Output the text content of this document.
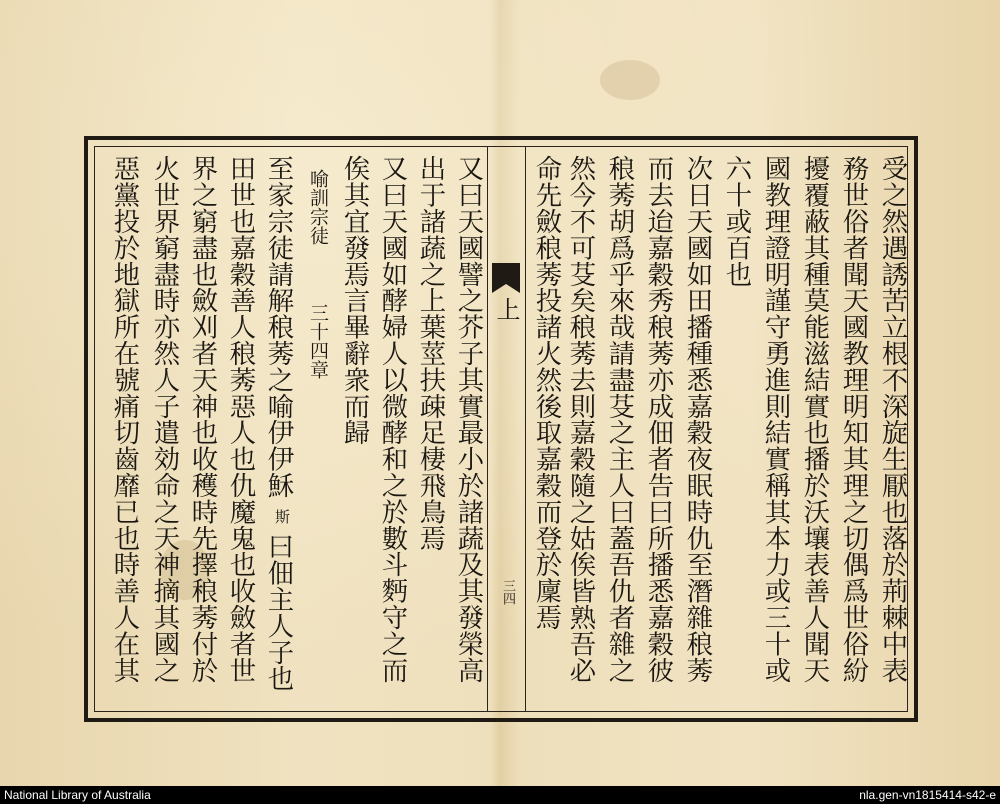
上
三四	受之然遇誘苦立根不深旋生厭也落於荊棘中表
務世俗者聞天國教理明知其理之切偶爲世俗紛
擾覆蔽其種莫能滋結實也播於沃壤表善人聞天
國教理證明謹守勇進則結實稱其本力或三十或
六十或百也
次日天國如田播種悉嘉穀夜眠時仇至潛雜稂莠
而去迨嘉穀秀稂莠亦成佃者告曰所播悉嘉穀彼
稂莠胡爲乎來哉請盡芟之主人曰蓋吾仇者雜之
然今不可芟矣稂莠去則嘉穀隨之姑俟皆熟吾必
命先斂稂莠投諸火然後取嘉穀而登於廩焉
又曰天國譬之芥子其實最小於諸蔬及其發榮高
出于諸蔬之上葉莖扶疎足棲飛鳥焉
又曰天國如酵婦人以微酵和之於數斗麪守之而
俟其宜發焉言畢辭衆而歸
喻訓宗徒
三十四章
至家宗徒請解稂莠之喻伊伊穌
斯
曰佃主人子也
田世也嘉穀善人稂莠惡人也仇魔鬼也收斂者世
界之窮盡也斂刈者天神也收穫時先擇稂莠付於
火世界窮盡時亦然人子遣効命之天神摘其國之
惡黨投於地獄所在號痛切齒靡已也時善人在其
National Library of Australia	nla.gen-vn1815414-s42-e
